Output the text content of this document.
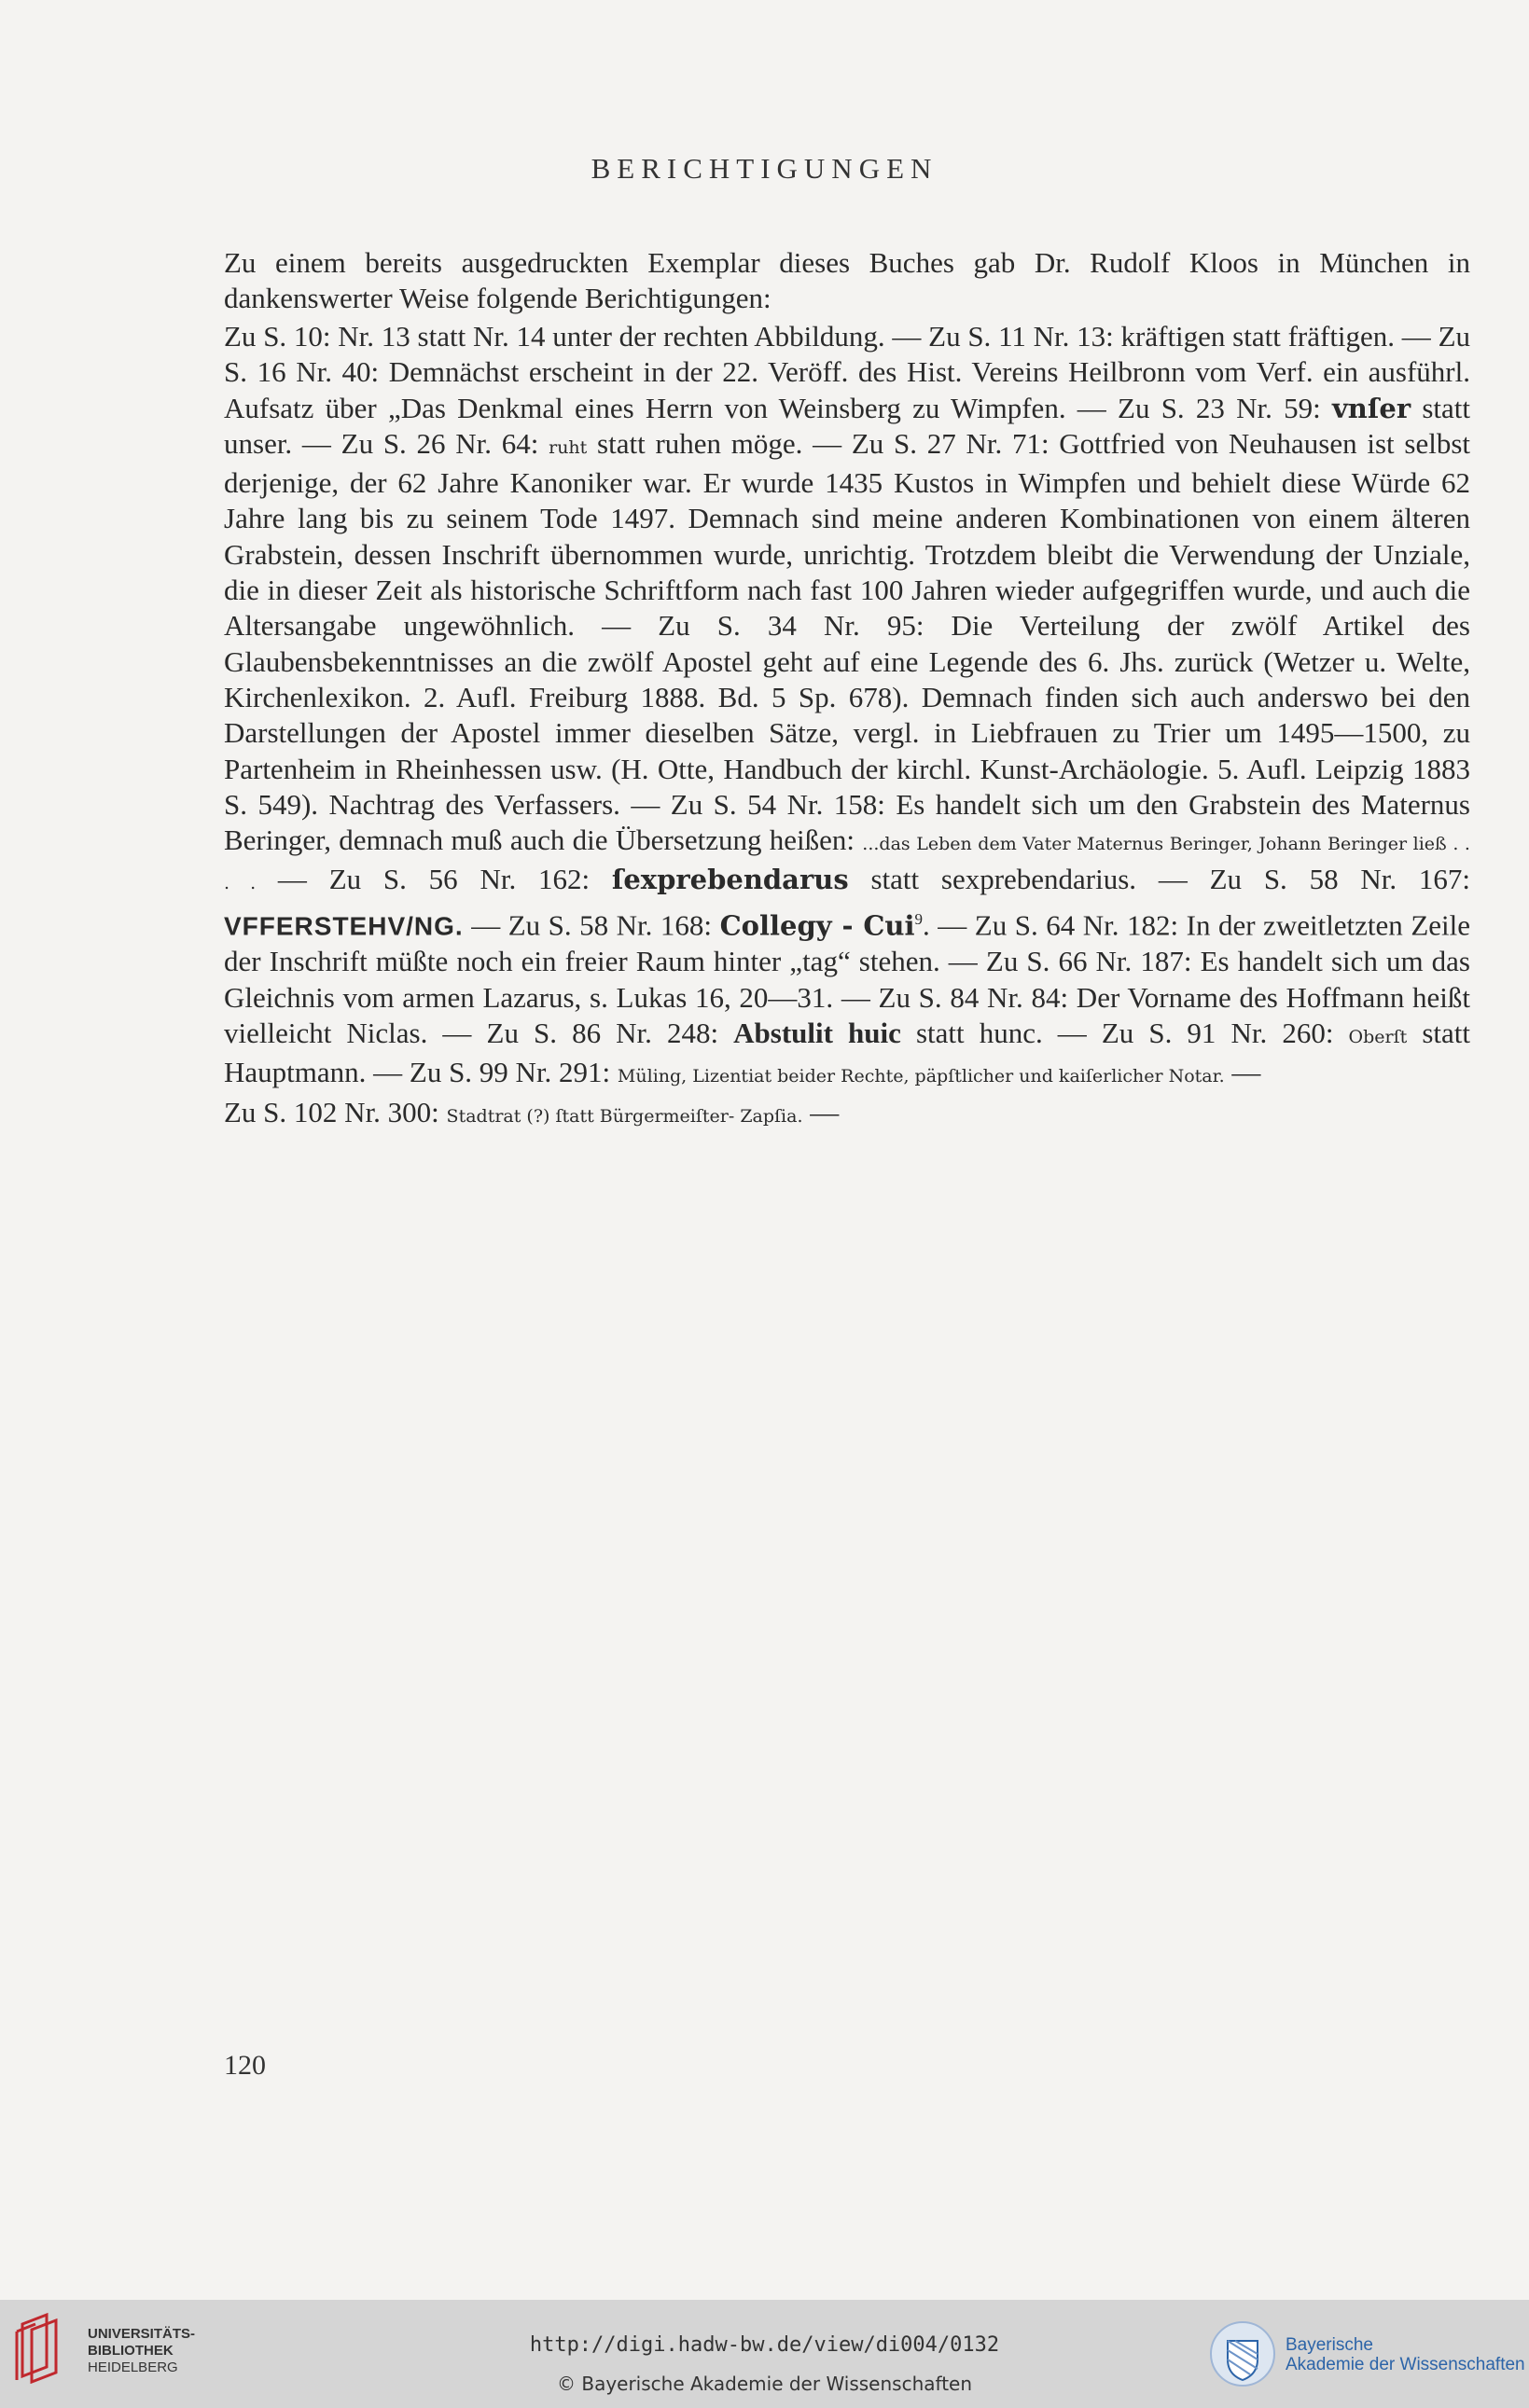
BERICHTIGUNGEN
Zu einem bereits ausgedruckten Exemplar dieses Buches gab Dr. Rudolf Kloos in München in dankenswerter Weise folgende Berichtigungen:
Zu S. 10: Nr. 13 statt Nr. 14 unter der rechten Abbildung. — Zu S. 11 Nr. 13: kräftigen statt fräftigen. — Zu S. 16 Nr. 40: Demnächst erscheint in der 22. Veröff. des Hist. Vereins Heilbronn vom Verf. ein ausführl. Aufsatz über „Das Denkmal eines Herrn von Weinsberg zu Wimpfen. — Zu S. 23 Nr. 59: vnſer statt unser. — Zu S. 26 Nr. 64: ruht statt ruhen möge. — Zu S. 27 Nr. 71: Gottfried von Neuhausen ist selbst derjenige, der 62 Jahre Kanoniker war. Er wurde 1435 Kustos in Wimpfen und behielt diese Würde 62 Jahre lang bis zu seinem Tode 1497. Demnach sind meine anderen Kombinationen von einem älteren Grabstein, dessen Inschrift übernommen wurde, unrichtig. Trotzdem bleibt die Verwendung der Unziale, die in dieser Zeit als historische Schriftform nach fast 100 Jahren wieder aufgegriffen wurde, und auch die Altersangabe ungewöhnlich. — Zu S. 34 Nr. 95: Die Verteilung der zwölf Artikel des Glaubensbekenntnisses an die zwölf Apostel geht auf eine Legende des 6. Jhs. zurück (Wetzer u. Welte, Kirchenlexikon. 2. Aufl. Freiburg 1888. Bd. 5 Sp. 678). Demnach finden sich auch anderswo bei den Darstellungen der Apostel immer dieselben Sätze, vergl. in Liebfrauen zu Trier um 1495—1500, zu Partenheim in Rheinhessen usw. (H. Otte, Handbuch der kirchl. Kunst-Archäologie. 5. Aufl. Leipzig 1883 S. 549). Nachtrag des Verfassers. — Zu S. 54 Nr. 158: Es handelt sich um den Grabstein des Maternus Beringer, demnach muß auch die Übersetzung heißen: ...das Leben dem Vater Maternus Beringer, Johann Beringer ließ . . . . — Zu S. 56 Nr. 162: ſexprebendarus statt sexprebendarius. — Zu S. 58 Nr. 167: VFFERSTEHV/NG. — Zu S. 58 Nr. 168: Collegy - Cui$^9$. — Zu S. 64 Nr. 182: In der zweitletzten Zeile der Inschrift müßte noch ein freier Raum hinter „tag“ stehen. — Zu S. 66 Nr. 187: Es handelt sich um das Gleichnis vom armen Lazarus, s. Lukas 16, 20—31. — Zu S. 84 Nr. 84: Der Vorname des Hoffmann heißt vielleicht Niclas. — Zu S. 86 Nr. 248: Abstulit huic statt hunc. — Zu S. 91 Nr. 260: Oberſt statt Hauptmann. — Zu S. 99 Nr. 291: Müling, Lizentiat beider Rechte, päpſtlicher und kaiſerlicher Notar. —
Zu S. 102 Nr. 300: Stadtrat (?) ſtatt Bürgermeiſter- Zapſia. —
120
UNIVERSITÄTS-
BIBLIOTHEK
HEIDELBERG
http://digi.hadw-bw.de/view/di004/0132
© Bayerische Akademie der Wissenschaften
Bayerische
Akademie der Wissenschaften
